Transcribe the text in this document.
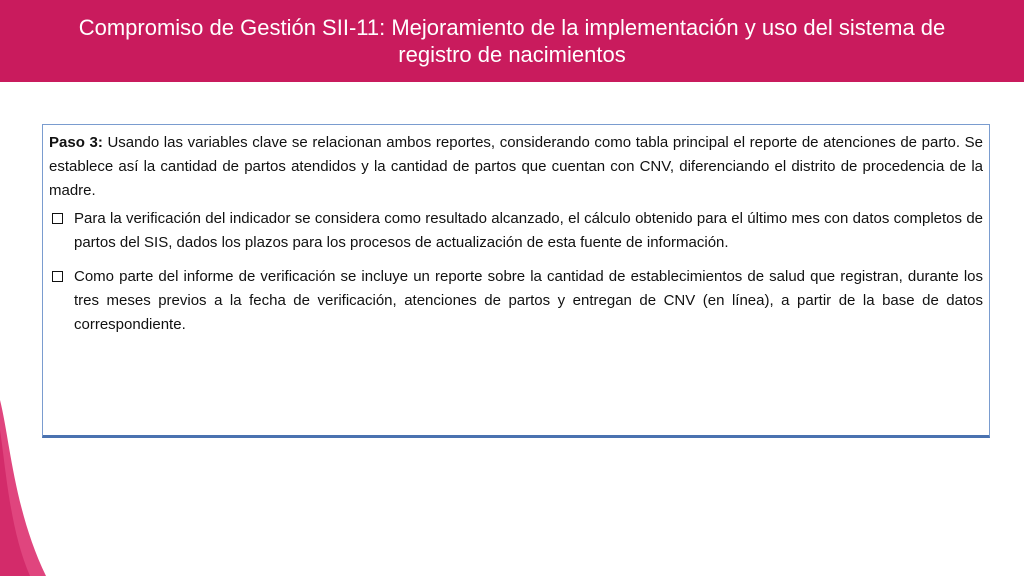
Compromiso de Gestión SII-11: Mejoramiento de la implementación y uso del sistema de registro de nacimientos

Paso 3: Usando las variables clave se relacionan ambos reportes, considerando como tabla principal el reporte de atenciones de parto. Se establece así la cantidad de partos atendidos y la cantidad de partos que cuentan con CNV, diferenciando el distrito de procedencia de la madre.

Para la verificación del indicador se considera como resultado alcanzado, el cálculo obtenido para el último mes con datos completos de partos del SIS, dados los plazos para los procesos de actualización de esta fuente de información.

Como parte del informe de verificación se incluye un reporte sobre la cantidad de establecimientos de salud que registran, durante los tres meses previos a la fecha de verificación, atenciones de partos y entregan de CNV (en línea), a partir de la base de datos correspondiente.
